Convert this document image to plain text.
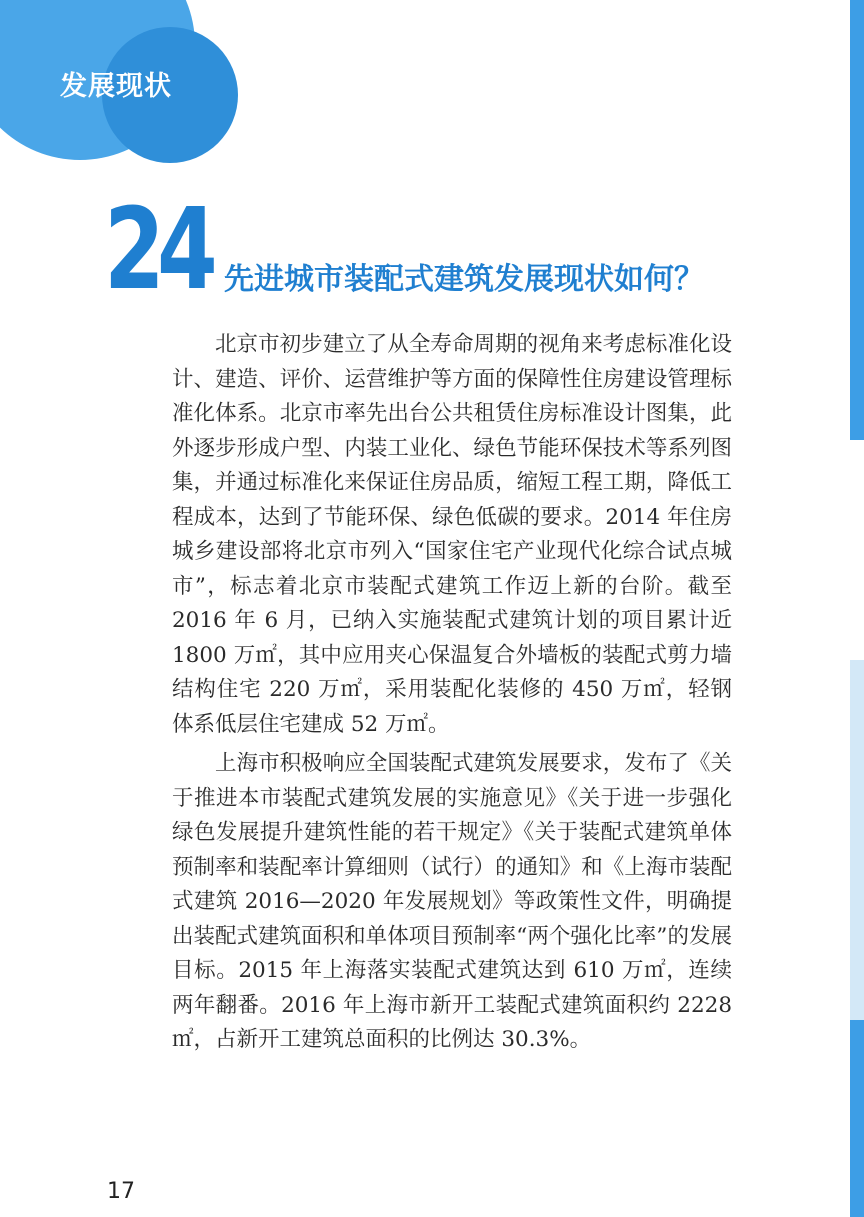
发展现状
24 先进城市装配式建筑发展现状如何？

北京市初步建立了从全寿命周期的视角来考虑标准化设计、建造、评价、运营维护等方面的保障性住房建设管理标准化体系。北京市率先出台公共租赁住房标准设计图集，此外逐步形成户型、内装工业化、绿色节能环保技术等系列图集，并通过标准化来保证住房品质，缩短工程工期，降低工程成本，达到了节能环保、绿色低碳的要求。2014 年住房城乡建设部将北京市列入“国家住宅产业现代化综合试点城市”，标志着北京市装配式建筑工作迈上新的台阶。截至 2016 年 6 月，已纳入实施装配式建筑计划的项目累计近 1800 万㎡，其中应用夹心保温复合外墙板的装配式剪力墙结构住宅 220 万㎡，采用装配化装修的 450 万㎡，轻钢体系低层住宅建成 52 万㎡。

上海市积极响应全国装配式建筑发展要求，发布了《关于推进本市装配式建筑发展的实施意见》《关于进一步强化绿色发展提升建筑性能的若干规定》《关于装配式建筑单体预制率和装配率计算细则（试行）的通知》和《上海市装配式建筑 2016—2020 年发展规划》等政策性文件，明确提出装配式建筑面积和单体项目预制率“两个强化比率”的发展目标。2015 年上海落实装配式建筑达到 610 万㎡，连续两年翻番。2016 年上海市新开工装配式建筑面积约 2228 ㎡，占新开工建筑总面积的比例达 30.3%。

17
